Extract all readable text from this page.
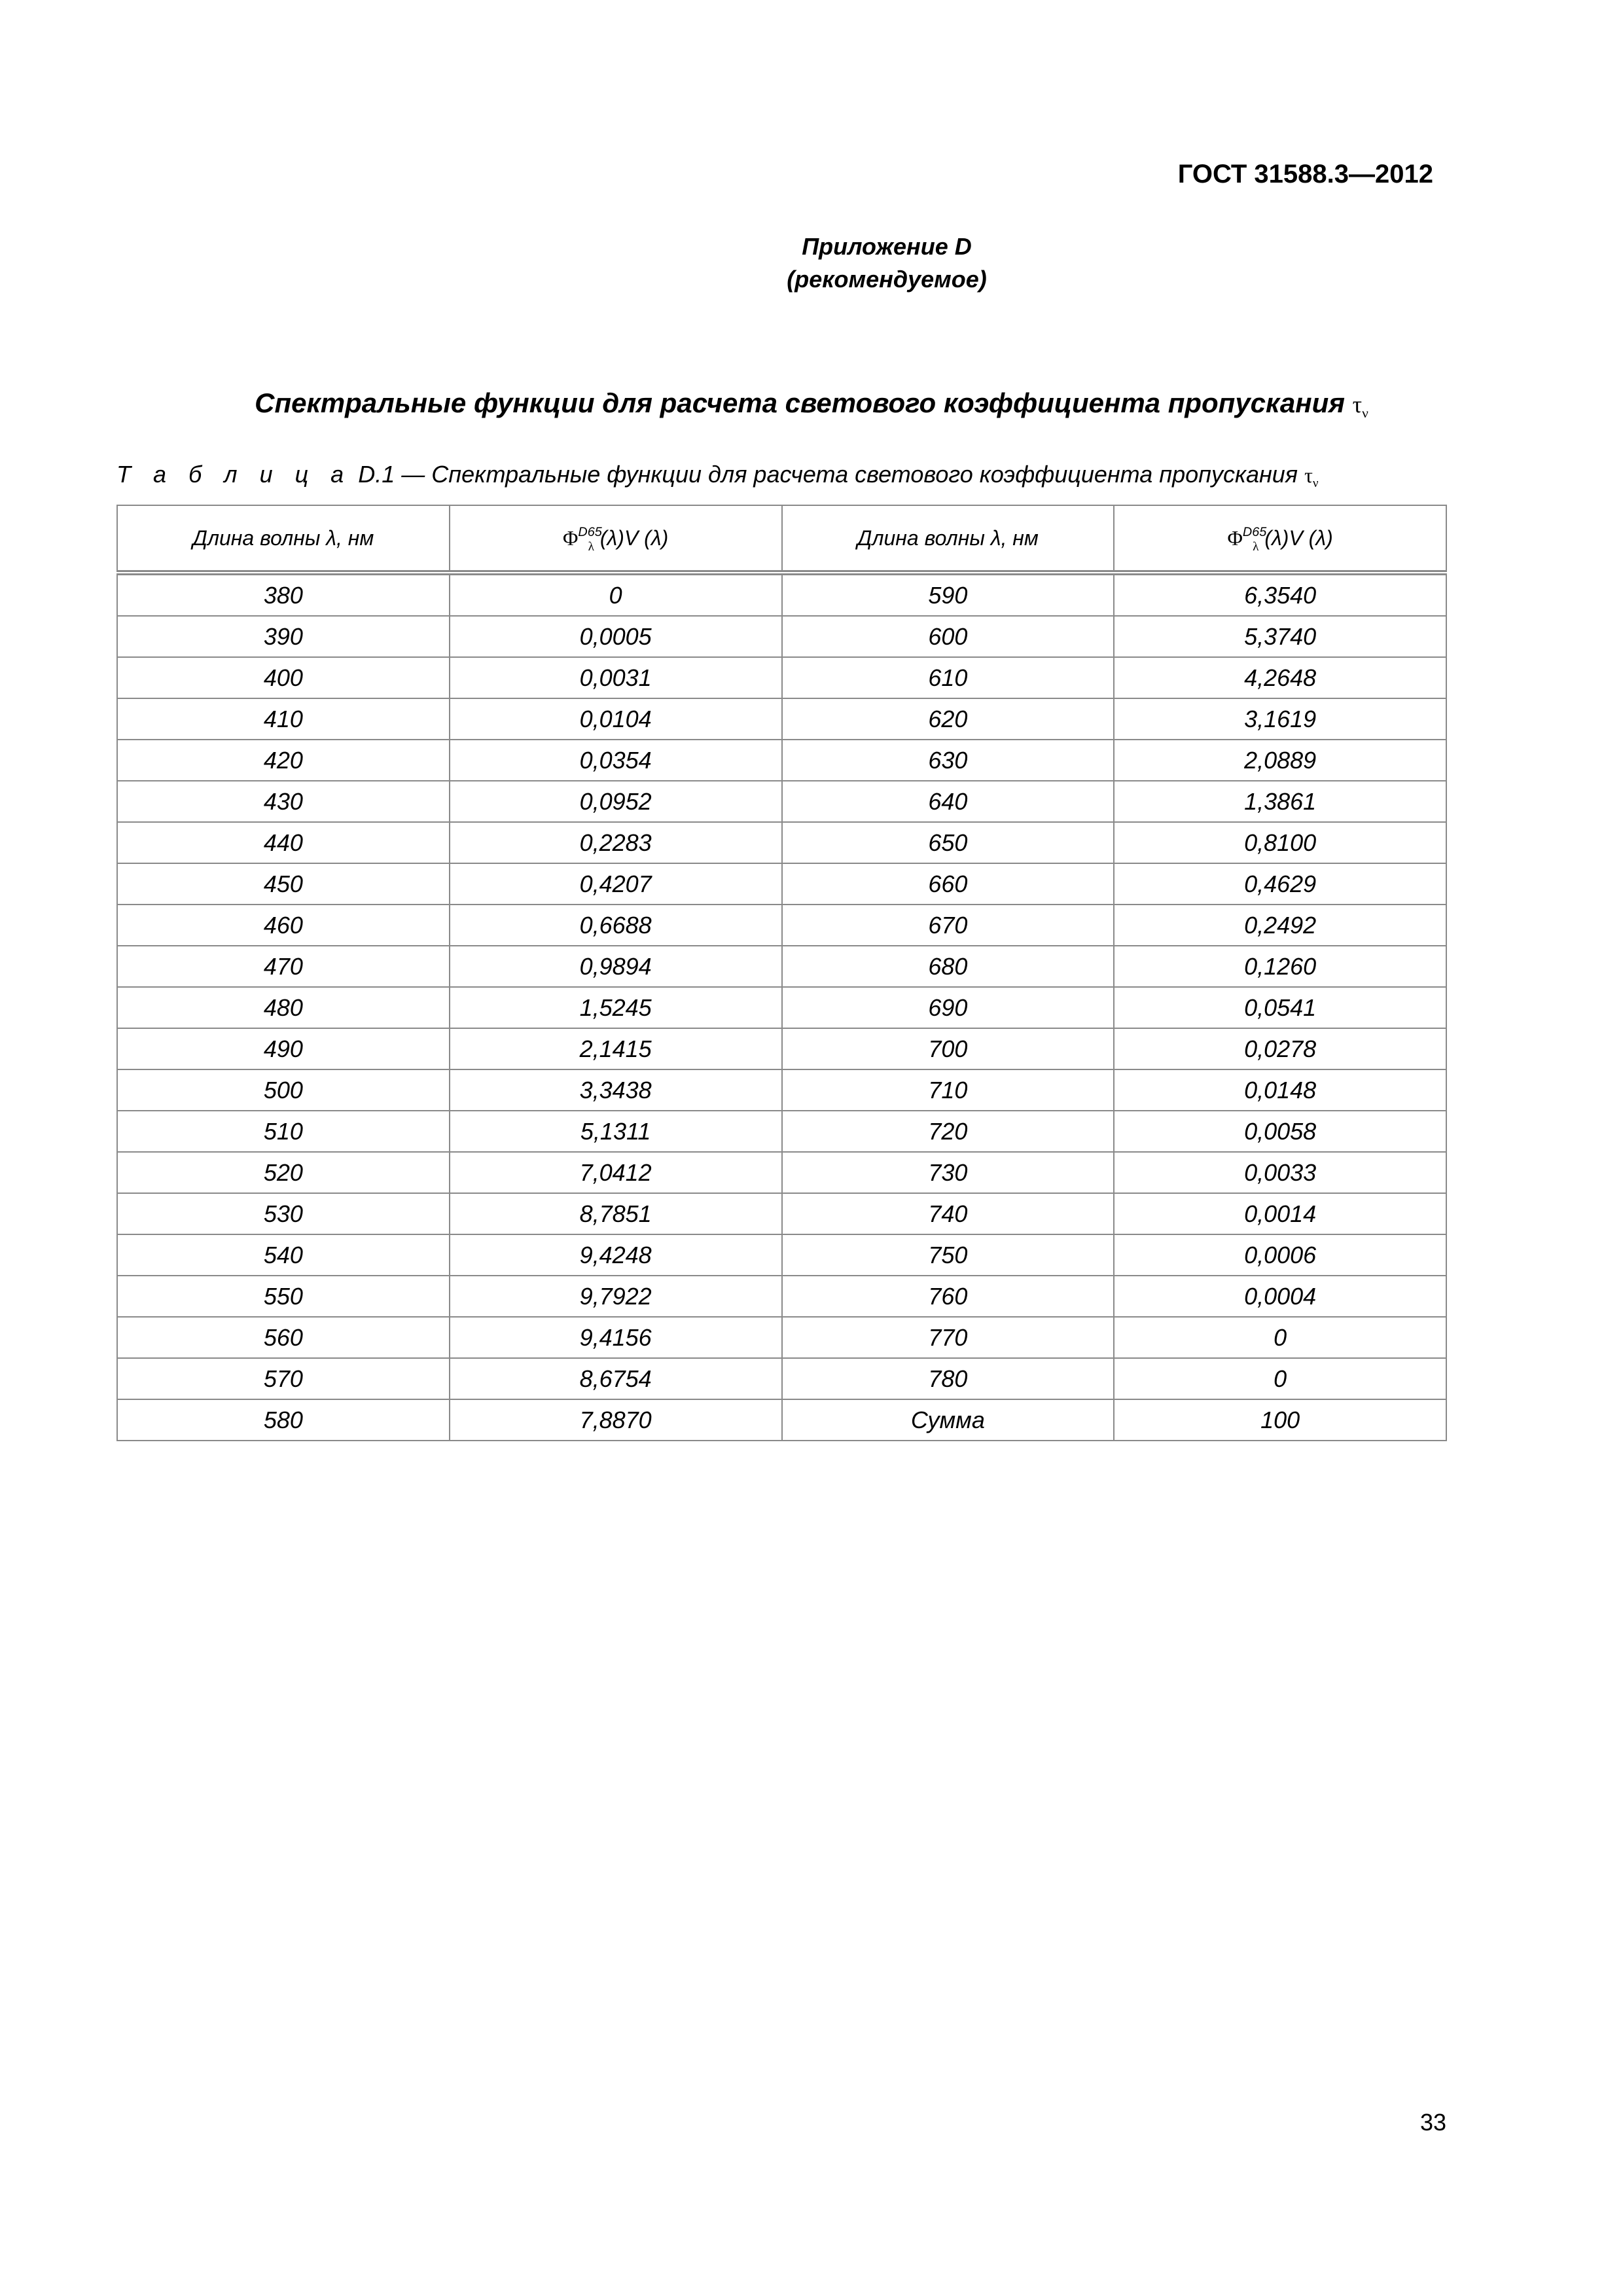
ГОСТ 31588.3—2012
Приложение D
(рекомендуемое)
Спектральные функции для расчета светового коэффициента пропускания $\tau_\nu$
Т а б л и ц а D.1 — Спектральные функции для расчета светового коэффициента пропускания $\tau_\nu$
Длина волны λ, нм	$\Phi^{D65}_\lambda$ (λ)V (λ)	Длина волны λ, нм	$\Phi^{D65}_\lambda$ (λ)V (λ)
380	0	590	6,3540
390	0,0005	600	5,3740
400	0,0031	610	4,2648
410	0,0104	620	3,1619
420	0,0354	630	2,0889
430	0,0952	640	1,3861
440	0,2283	650	0,8100
450	0,4207	660	0,4629
460	0,6688	670	0,2492
470	0,9894	680	0,1260
480	1,5245	690	0,0541
490	2,1415	700	0,0278
500	3,3438	710	0,0148
510	5,1311	720	0,0058
520	7,0412	730	0,0033
530	8,7851	740	0,0014
540	9,4248	750	0,0006
550	9,7922	760	0,0004
560	9,4156	770	0
570	8,6754	780	0
580	7,8870	Сумма	100
33
